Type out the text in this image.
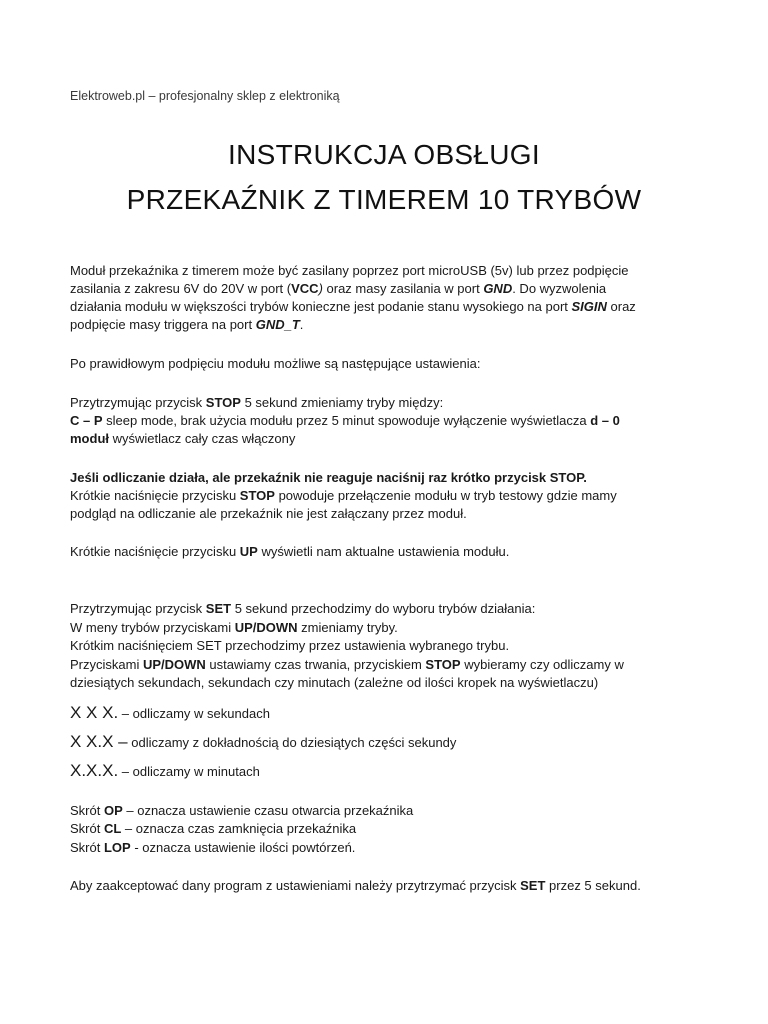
Elektroweb.pl – profesjonalny sklep z elektroniką
INSTRUKCJA OBSŁUGI
PRZEKAŹNIK Z TIMEREM 10 TRYBÓW
Moduł przekaźnika z timerem może być zasilany poprzez port microUSB (5v) lub przez podpięcie
zasilania z zakresu 6V do 20V w port (VCC) oraz masy zasilania w port GND. Do wyzwolenia
działania modułu w większości trybów konieczne jest podanie stanu wysokiego na port SIGIN oraz
podpięcie masy triggera na port GND_T.
Po prawidłowym podpięciu modułu możliwe są następujące ustawienia:
Przytrzymując przycisk STOP 5 sekund zmieniamy tryby między:
C – P sleep mode, brak użycia modułu przez 5 minut spowoduje wyłączenie wyświetlacza d – 0
moduł wyświetlacz cały czas włączony
Jeśli odliczanie działa, ale przekaźnik nie reaguje naciśnij raz krótko przycisk STOP.
Krótkie naciśnięcie przycisku STOP powoduje przełączenie modułu w tryb testowy gdzie mamy
podgląd na odliczanie ale przekaźnik nie jest załączany przez moduł.
Krótkie naciśnięcie przycisku UP wyświetli nam aktualne ustawienia modułu.
Przytrzymując przycisk SET 5 sekund przechodzimy do wyboru trybów działania:
W meny trybów przyciskami UP/DOWN zmieniamy tryby.
Krótkim naciśnięciem SET przechodzimy przez ustawienia wybranego trybu.
Przyciskami UP/DOWN ustawiamy czas trwania, przyciskiem STOP wybieramy czy odliczamy w
dziesiątych sekundach, sekundach czy minutach (zależne od ilości kropek na wyświetlaczu)
X X X. – odliczamy w sekundach
X X.X – odliczamy z dokładnością do dziesiątych części sekundy
X.X.X. – odliczamy w minutach
Skrót OP – oznacza ustawienie czasu otwarcia przekaźnika
Skrót CL – oznacza czas zamknięcia przekaźnika
Skrót LOP - oznacza ustawienie ilości powtórzeń.
Aby zaakceptować dany program z ustawieniami należy przytrzymać przycisk SET przez 5 sekund.
